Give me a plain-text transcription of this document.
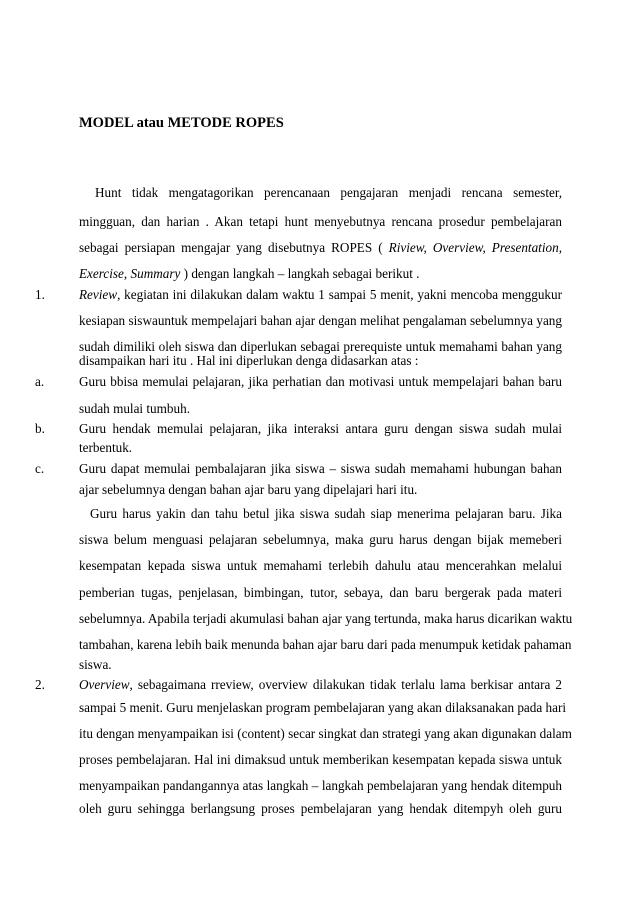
MODEL atau METODE ROPES
Hunt tidak mengatagorikan perencanaan pengajaran menjadi rencana semester,
mingguan, dan harian . Akan tetapi hunt menyebutnya rencana prosedur pembelajaran
sebagai persiapan mengajar yang disebutnya ROPES ( Riview, Overview, Presentation,
Exercise, Summary ) dengan langkah – langkah sebagai berikut .
1.	Review, kegiatan ini dilakukan dalam waktu 1 sampai 5 menit, yakni mencoba menggukur
kesiapan siswauntuk mempelajari bahan ajar dengan melihat pengalaman sebelumnya yang
sudah dimiliki oleh siswa dan diperlukan sebagai prerequiste untuk memahami bahan yang
disampaikan hari itu . Hal ini diperlukan denga didasarkan atas :
a.	Guru bbisa memulai pelajaran, jika perhatian dan motivasi untuk mempelajari bahan baru
sudah mulai tumbuh.
b.	Guru hendak memulai pelajaran, jika interaksi antara guru dengan siswa sudah mulai
terbentuk.
c.	Guru dapat memulai pembalajaran jika siswa – siswa sudah memahami hubungan bahan
ajar sebelumnya dengan bahan ajar baru yang dipelajari hari itu.
Guru harus yakin dan tahu betul jika siswa sudah siap menerima pelajaran baru. Jika
siswa belum menguasi pelajaran sebelumnya, maka guru harus dengan bijak memeberi
kesempatan kepada siswa untuk memahami terlebih dahulu atau mencerahkan melalui
pemberian tugas, penjelasan, bimbingan, tutor, sebaya, dan baru bergerak pada materi
sebelumnya. Apabila terjadi akumulasi bahan ajar yang tertunda, maka harus dicarikan waktu
tambahan, karena lebih baik menunda bahan ajar baru dari pada menumpuk ketidak pahaman
siswa.
2.	Overview, sebagaimana rreview, overview dilakukan tidak terlalu lama berkisar antara 2
sampai 5 menit. Guru menjelaskan program pembelajaran yang akan dilaksanakan pada hari
itu dengan menyampaikan isi (content) secar singkat dan strategi yang akan digunakan dalam
proses pembelajaran. Hal ini dimaksud untuk memberikan kesempatan kepada siswa untuk
menyampaikan pandangannya atas langkah – langkah pembelajaran yang hendak ditempuh
oleh guru sehingga berlangsung proses pembelajaran yang hendak ditempyh oleh guru
